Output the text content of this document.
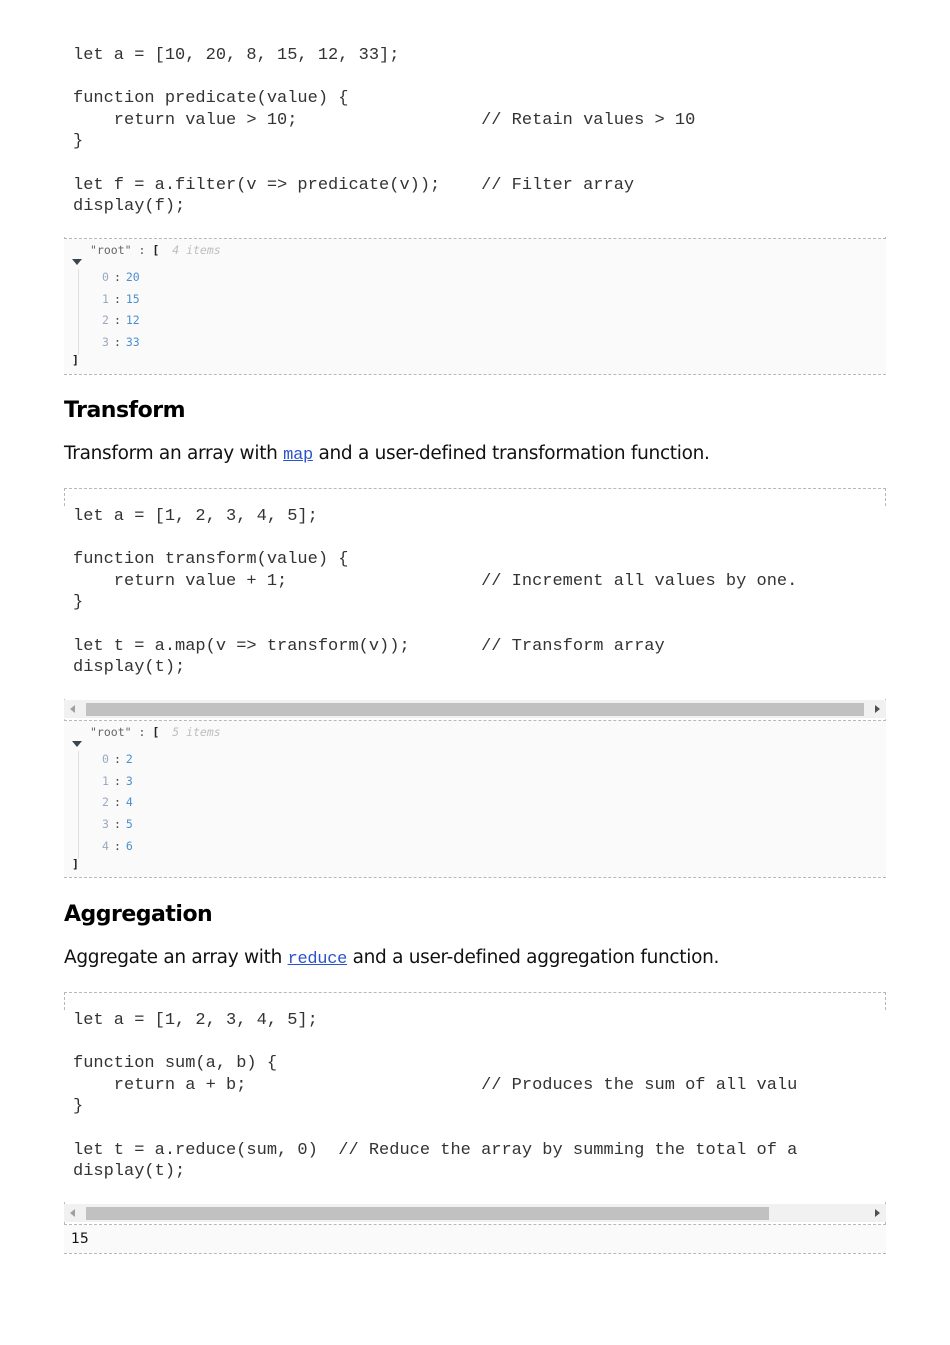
let a = [10, 20, 8, 15, 12, 33];

function predicate(value) {
return value > 10;                  // Retain values > 10
}

let f = a.filter(v => predicate(v));    // Filter array
display(f);
"root" : [ 4 items
0 : 20
1 : 15
2 : 12
3 : 33
]
Transform

Transform an array with map and a user-defined transformation function.

let a = [1, 2, 3, 4, 5];

function transform(value) {
return value + 1;                   // Increment all values by one.
}

let t = a.map(v => transform(v));       // Transform array
display(t);
"root" : [ 5 items
0 : 2
1 : 3
2 : 4
3 : 5
4 : 6
]
Aggregation

Aggregate an array with reduce and a user-defined aggregation function.

let a = [1, 2, 3, 4, 5];

function sum(a, b) {
return a + b;                       // Produces the sum of all valu
}

let t = a.reduce(sum, 0)  // Reduce the array by summing the total of a
display(t);
15
